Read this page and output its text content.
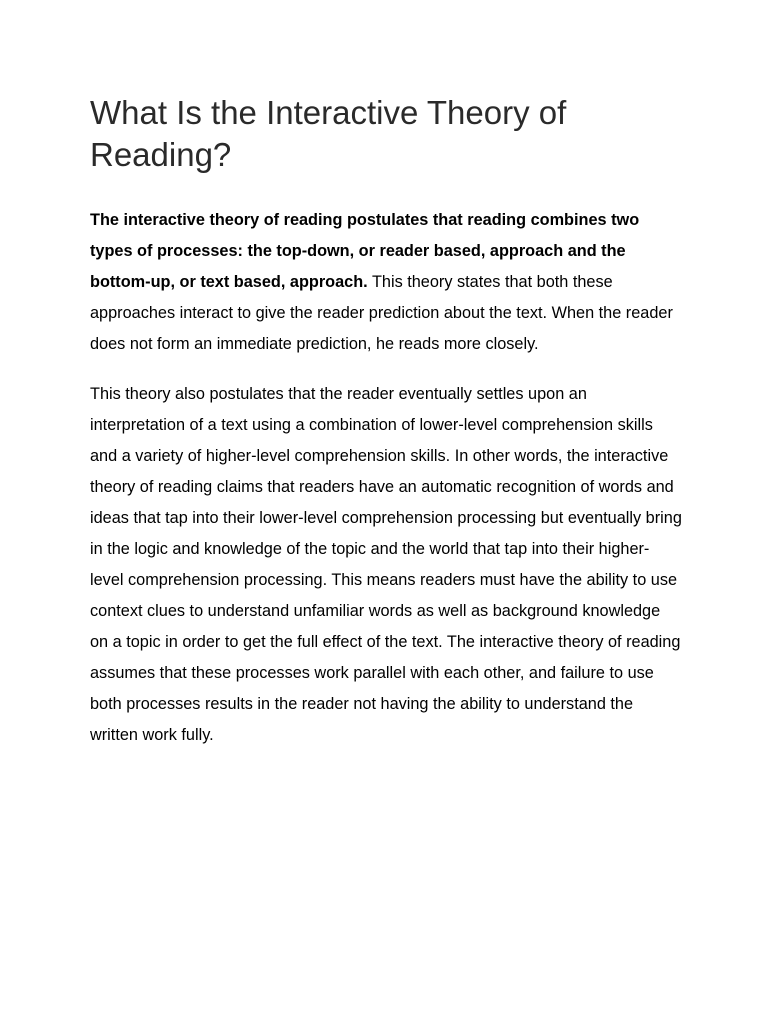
What Is the Interactive Theory of Reading?

The interactive theory of reading postulates that reading combines two types of processes: the top-down, or reader based, approach and the bottom-up, or text based, approach. This theory states that both these approaches interact to give the reader prediction about the text. When the reader does not form an immediate prediction, he reads more closely.

This theory also postulates that the reader eventually settles upon an interpretation of a text using a combination of lower-level comprehension skills and a variety of higher-level comprehension skills. In other words, the interactive theory of reading claims that readers have an automatic recognition of words and ideas that tap into their lower-level comprehension processing but eventually bring in the logic and knowledge of the topic and the world that tap into their higher-level comprehension processing. This means readers must have the ability to use context clues to understand unfamiliar words as well as background knowledge on a topic in order to get the full effect of the text. The interactive theory of reading assumes that these processes work parallel with each other, and failure to use both processes results in the reader not having the ability to understand the written work fully.
